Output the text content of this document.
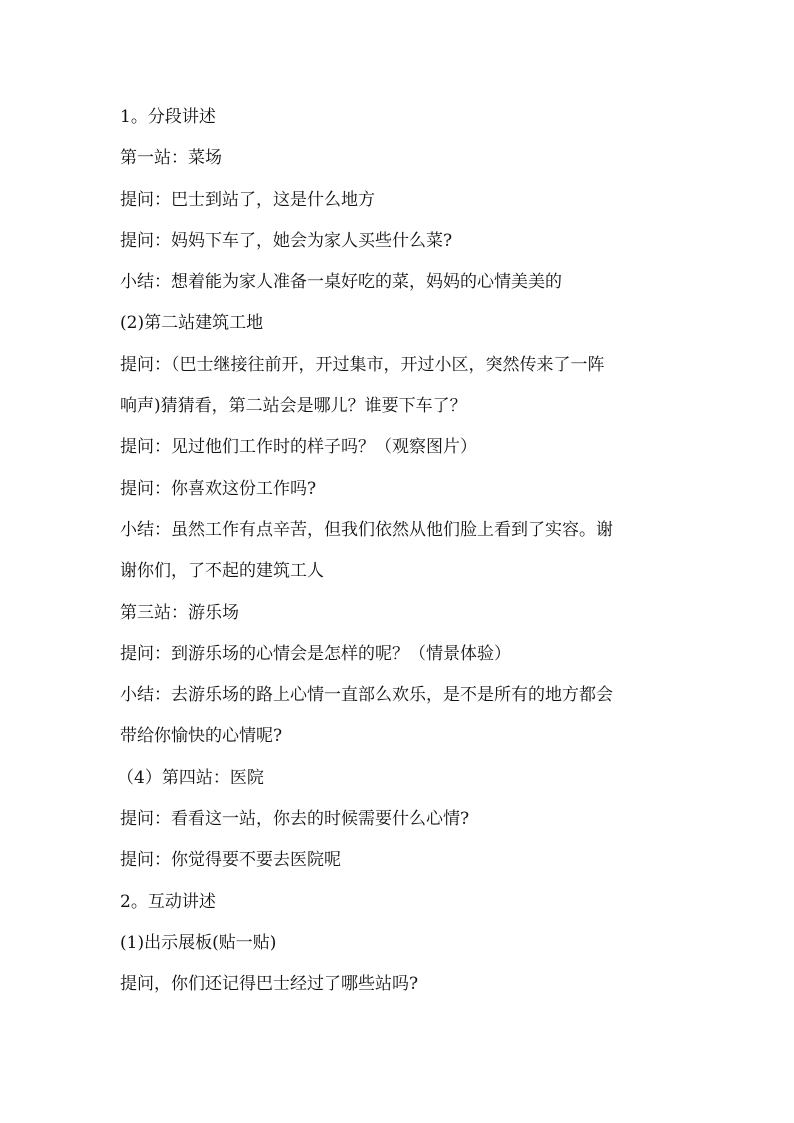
1。分段讲述
第一站：菜场
提问：巴士到站了，这是什么地方
提问：妈妈下车了，她会为家人买些什么菜?
小结：想着能为家人准备一桌好吃的菜，妈妈的心情美美的
(2)第二站建筑工地
提问：（巴士继接往前开，开过集市，开过小区，突然传来了一阵
响声)猜猜看，第二站会是哪儿？谁要下车了？
提问：见过他们工作时的样子吗？（观察图片）
提问：你喜欢这份工作吗?
小结：虽然工作有点辛苦，但我们依然从他们脸上看到了实容。谢
谢你们，了不起的建筑工人
第三站：游乐场
提问：到游乐场的心情会是怎样的呢？（情景体验）
小结：去游乐场的路上心情一直部么欢乐，是不是所有的地方都会
带给你愉快的心情呢?
（4）第四站：医院
提问：看看这一站，你去的时候需要什么心情?
提问：你觉得要不要去医院呢
2。互动讲述
(1)出示展板(贴一贴)
提问，你们还记得巴士经过了哪些站吗?
